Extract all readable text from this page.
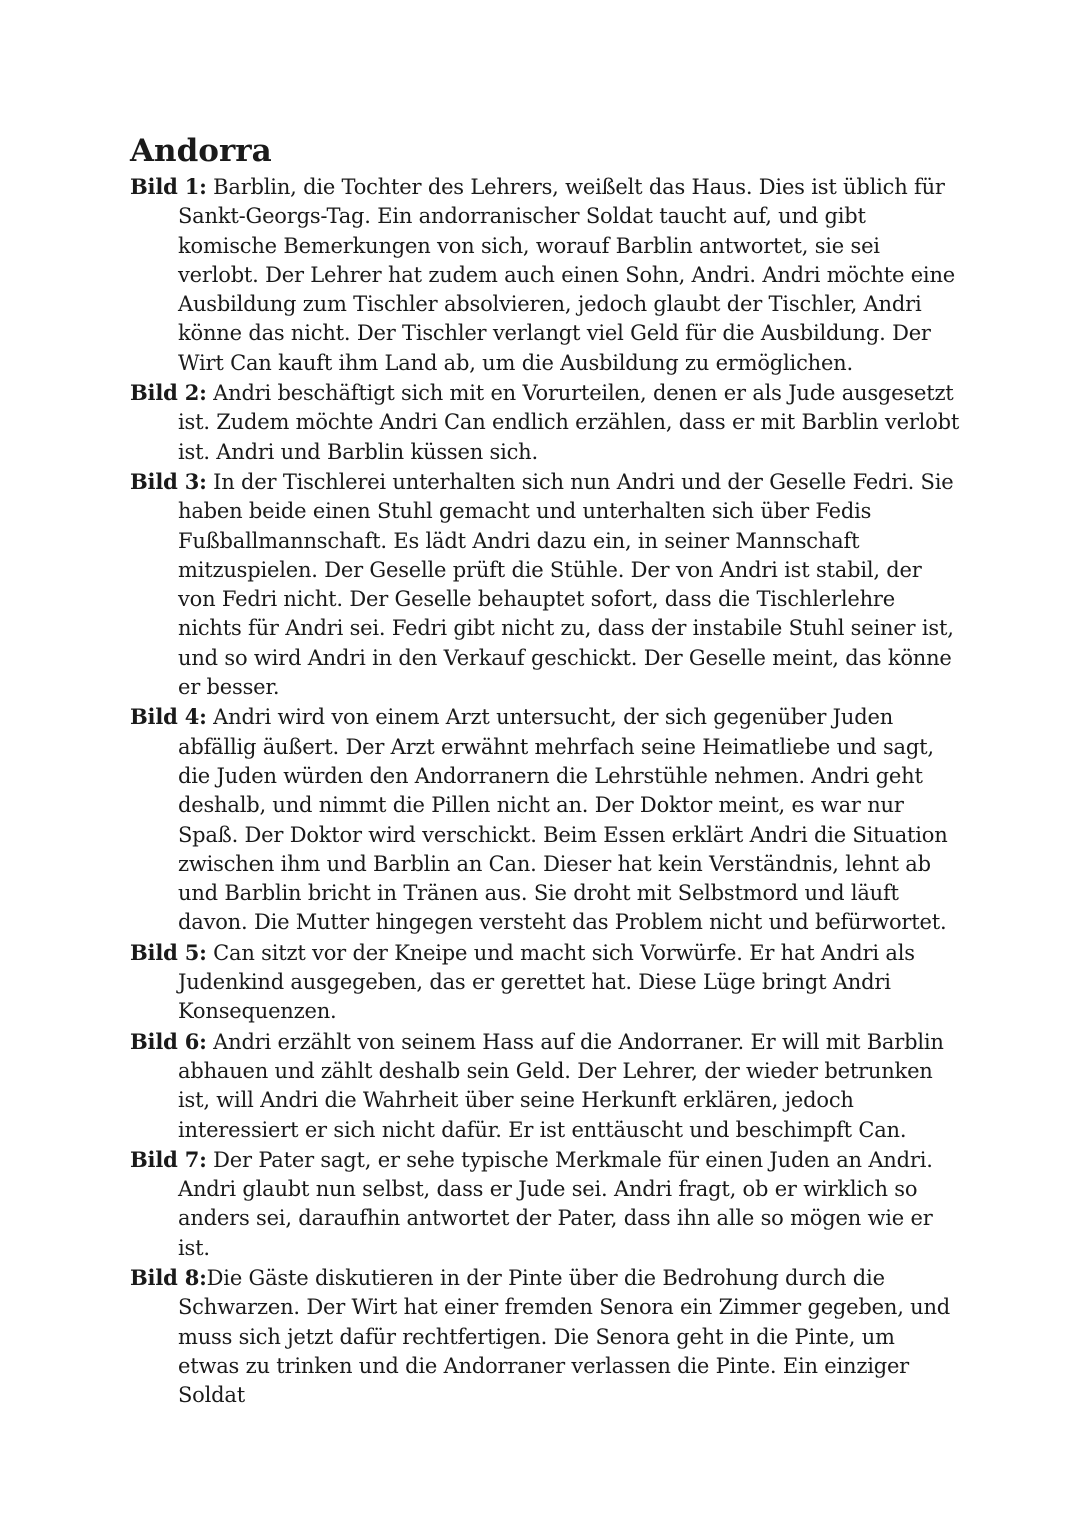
Andorra

Bild 1: Barblin, die Tochter des Lehrers, weißelt das Haus. Dies ist üblich für Sankt-Georgs-Tag. Ein andorranischer Soldat taucht auf, und gibt komische Bemerkungen von sich, worauf Barblin antwortet, sie sei verlobt. Der Lehrer hat zudem auch einen Sohn, Andri. Andri möchte eine Ausbildung zum Tischler absolvieren, jedoch glaubt der Tischler, Andri könne das nicht. Der Tischler verlangt viel Geld für die Ausbildung. Der Wirt Can kauft ihm Land ab, um die Ausbildung zu ermöglichen.

Bild 2: Andri beschäftigt sich mit en Vorurteilen, denen er als Jude ausgesetzt ist. Zudem möchte Andri Can endlich erzählen, dass er mit Barblin verlobt ist. Andri und Barblin küssen sich.

Bild 3: In der Tischlerei unterhalten sich nun Andri und der Geselle Fedri. Sie haben beide einen Stuhl gemacht und unterhalten sich über Fedis Fußballmannschaft. Es lädt Andri dazu ein, in seiner Mannschaft mitzuspielen. Der Geselle prüft die Stühle. Der von Andri ist stabil, der von Fedri nicht. Der Geselle behauptet sofort, dass die Tischlerlehre nichts für Andri sei. Fedri gibt nicht zu, dass der instabile Stuhl seiner ist, und so wird Andri in den Verkauf geschickt. Der Geselle meint, das könne er besser.

Bild 4: Andri wird von einem Arzt untersucht, der sich gegenüber Juden abfällig äußert. Der Arzt erwähnt mehrfach seine Heimatliebe und sagt, die Juden würden den Andorranern die Lehrstühle nehmen. Andri geht deshalb, und nimmt die Pillen nicht an. Der Doktor meint, es war nur Spaß. Der Doktor wird verschickt. Beim Essen erklärt Andri die Situation zwischen ihm und Barblin an Can. Dieser hat kein Verständnis, lehnt ab und Barblin bricht in Tränen aus. Sie droht mit Selbstmord und läuft davon. Die Mutter hingegen versteht das Problem nicht und befürwortet.

Bild 5: Can sitzt vor der Kneipe und macht sich Vorwürfe. Er hat Andri als Judenkind ausgegeben, das er gerettet hat. Diese Lüge bringt Andri Konsequenzen.

Bild 6: Andri erzählt von seinem Hass auf die Andorraner. Er will mit Barblin abhauen und zählt deshalb sein Geld. Der Lehrer, der wieder betrunken ist, will Andri die Wahrheit über seine Herkunft erklären, jedoch interessiert er sich nicht dafür. Er ist enttäuscht und beschimpft Can.

Bild 7: Der Pater sagt, er sehe typische Merkmale für einen Juden an Andri. Andri glaubt nun selbst, dass er Jude sei. Andri fragt, ob er wirklich so anders sei, daraufhin antwortet der Pater, dass ihn alle so mögen wie er ist.

Bild 8:Die Gäste diskutieren in der Pinte über die Bedrohung durch die Schwarzen. Der Wirt hat einer fremden Senora ein Zimmer gegeben, und muss sich jetzt dafür rechtfertigen. Die Senora geht in die Pinte, um etwas zu trinken und die Andorraner verlassen die Pinte. Ein einziger Soldat
